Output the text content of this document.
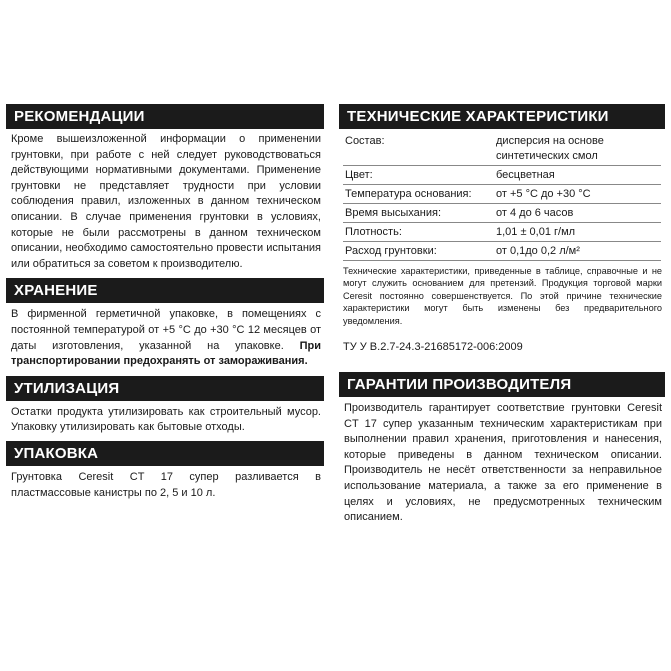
РЕКОМЕНДАЦИИ
Кроме вышеизложенной информации о применении грунтовки, при работе с ней следует руководствоваться действующими нормативными документами. Применение грунтовки не представляет трудности при условии соблюдения правил, изложенных в данном техническом описании. В случае применения грунтовки в условиях, которые не были рассмотрены в данном техническом описании, необходимо самостоятельно провести испытания или обратиться за советом к производителю.
ХРАНЕНИЕ
В фирменной герметичной упаковке, в помещениях с постоянной температурой от +5 °С до +30 °С 12 месяцев от даты изготовления, указанной на упаковке. При транспортировании предохранять от замораживания.
УТИЛИЗАЦИЯ
Остатки продукта утилизировать как строительный мусор. Упаковку утилизировать как бытовые отходы.
УПАКОВКА
Грунтовка Ceresit CT 17 супер разливается в пластмассовые канистры по 2, 5 и 10 л.
ТЕХНИЧЕСКИЕ ХАРАКТЕРИСТИКИ
Состав:	дисперсия на основе синтетических смол
Цвет:	бесцветная
Температура основания:	от +5 °С до +30 °С
Время высыхания:	от 4 до 6 часов
Плотность:	1,01 ± 0,01 г/мл
Расход грунтовки:	от 0,1до 0,2 л/м²
Технические характеристики, приведенные в таблице, справочные и не могут служить основанием для претензий. Продукция торговой марки Ceresit постоянно совершенствуется. По этой причине технические характеристики могут быть изменены без предварительного уведомления.
ТУ У В.2.7-24.3-21685172-006:2009
ГАРАНТИИ ПРОИЗВОДИТЕЛЯ
Производитель гарантирует соответствие грунтовки Ceresit CT 17 супер указанным техническим характеристикам при выполнении правил хранения, приготовления и нанесения, которые приведены в данном техническом описании. Производитель не несёт ответственности за неправильное использование материала, а также за его применение в целях и условиях, не предусмотренных техническим описанием.
